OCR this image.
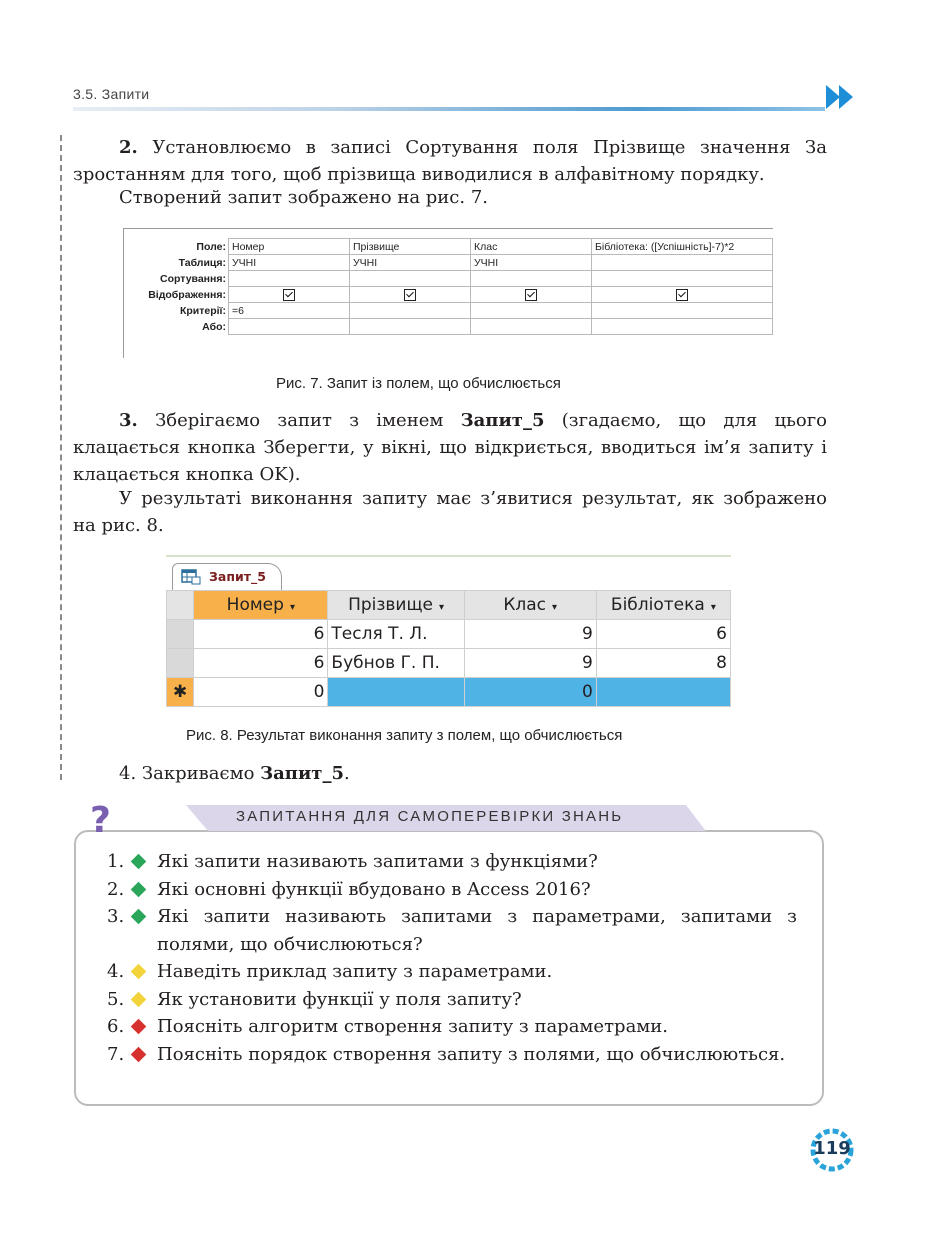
3.5. Запити

2. Установлюємо в записі Сортування поля Прізвище значення За зростанням для того, щоб прізвища виводилися в алфавітному порядку.

Створений запит зображено на рис. 7.

Поле:	Номер	Прізвище	Клас	Бібліотека: ([Успішність]-7)*2
Таблиця:	УЧНІ	УЧНІ	УЧНІ	
Сортування:				
Відображення:				
Критерії:	=6			
Або:				
Рис. 7. Запит із полем, що обчислюється

3. Зберігаємо запит з іменем Запит_5 (згадаємо, що для цього клацається кнопка Зберегти, у вікні, що відкриється, вводиться ім’я запиту і клацається кнопка OK).

У результаті виконання запиту має з’явитися результат, як зображено на рис. 8.

Запит_5
	Номер ▾	Прізвище ▾	Клас ▾	Бібліотека ▾
	6	Тесля Т. Л.	9	6
	6	Бубнов Г. П.	9	8
✱	0		0	
Рис. 8. Результат виконання запиту з полем, що обчислюється

4. Закриваємо Запит_5.

?	ЗАПИТАННЯ ДЛЯ САМОПЕРЕВІРКИ ЗНАНЬ
1. Які запити називають запитами з функціями?
2. Які основні функції вбудовано в Access 2016?
3. Які запити називають запитами з параметрами, запитами з полями, що обчислюються?
4. Наведіть приклад запиту з параметрами.
5. Як установити функції у поля запиту?
6. Поясніть алгоритм створення запиту з параметрами.
7. Поясніть порядок створення запиту з полями, що обчислюються.
119
